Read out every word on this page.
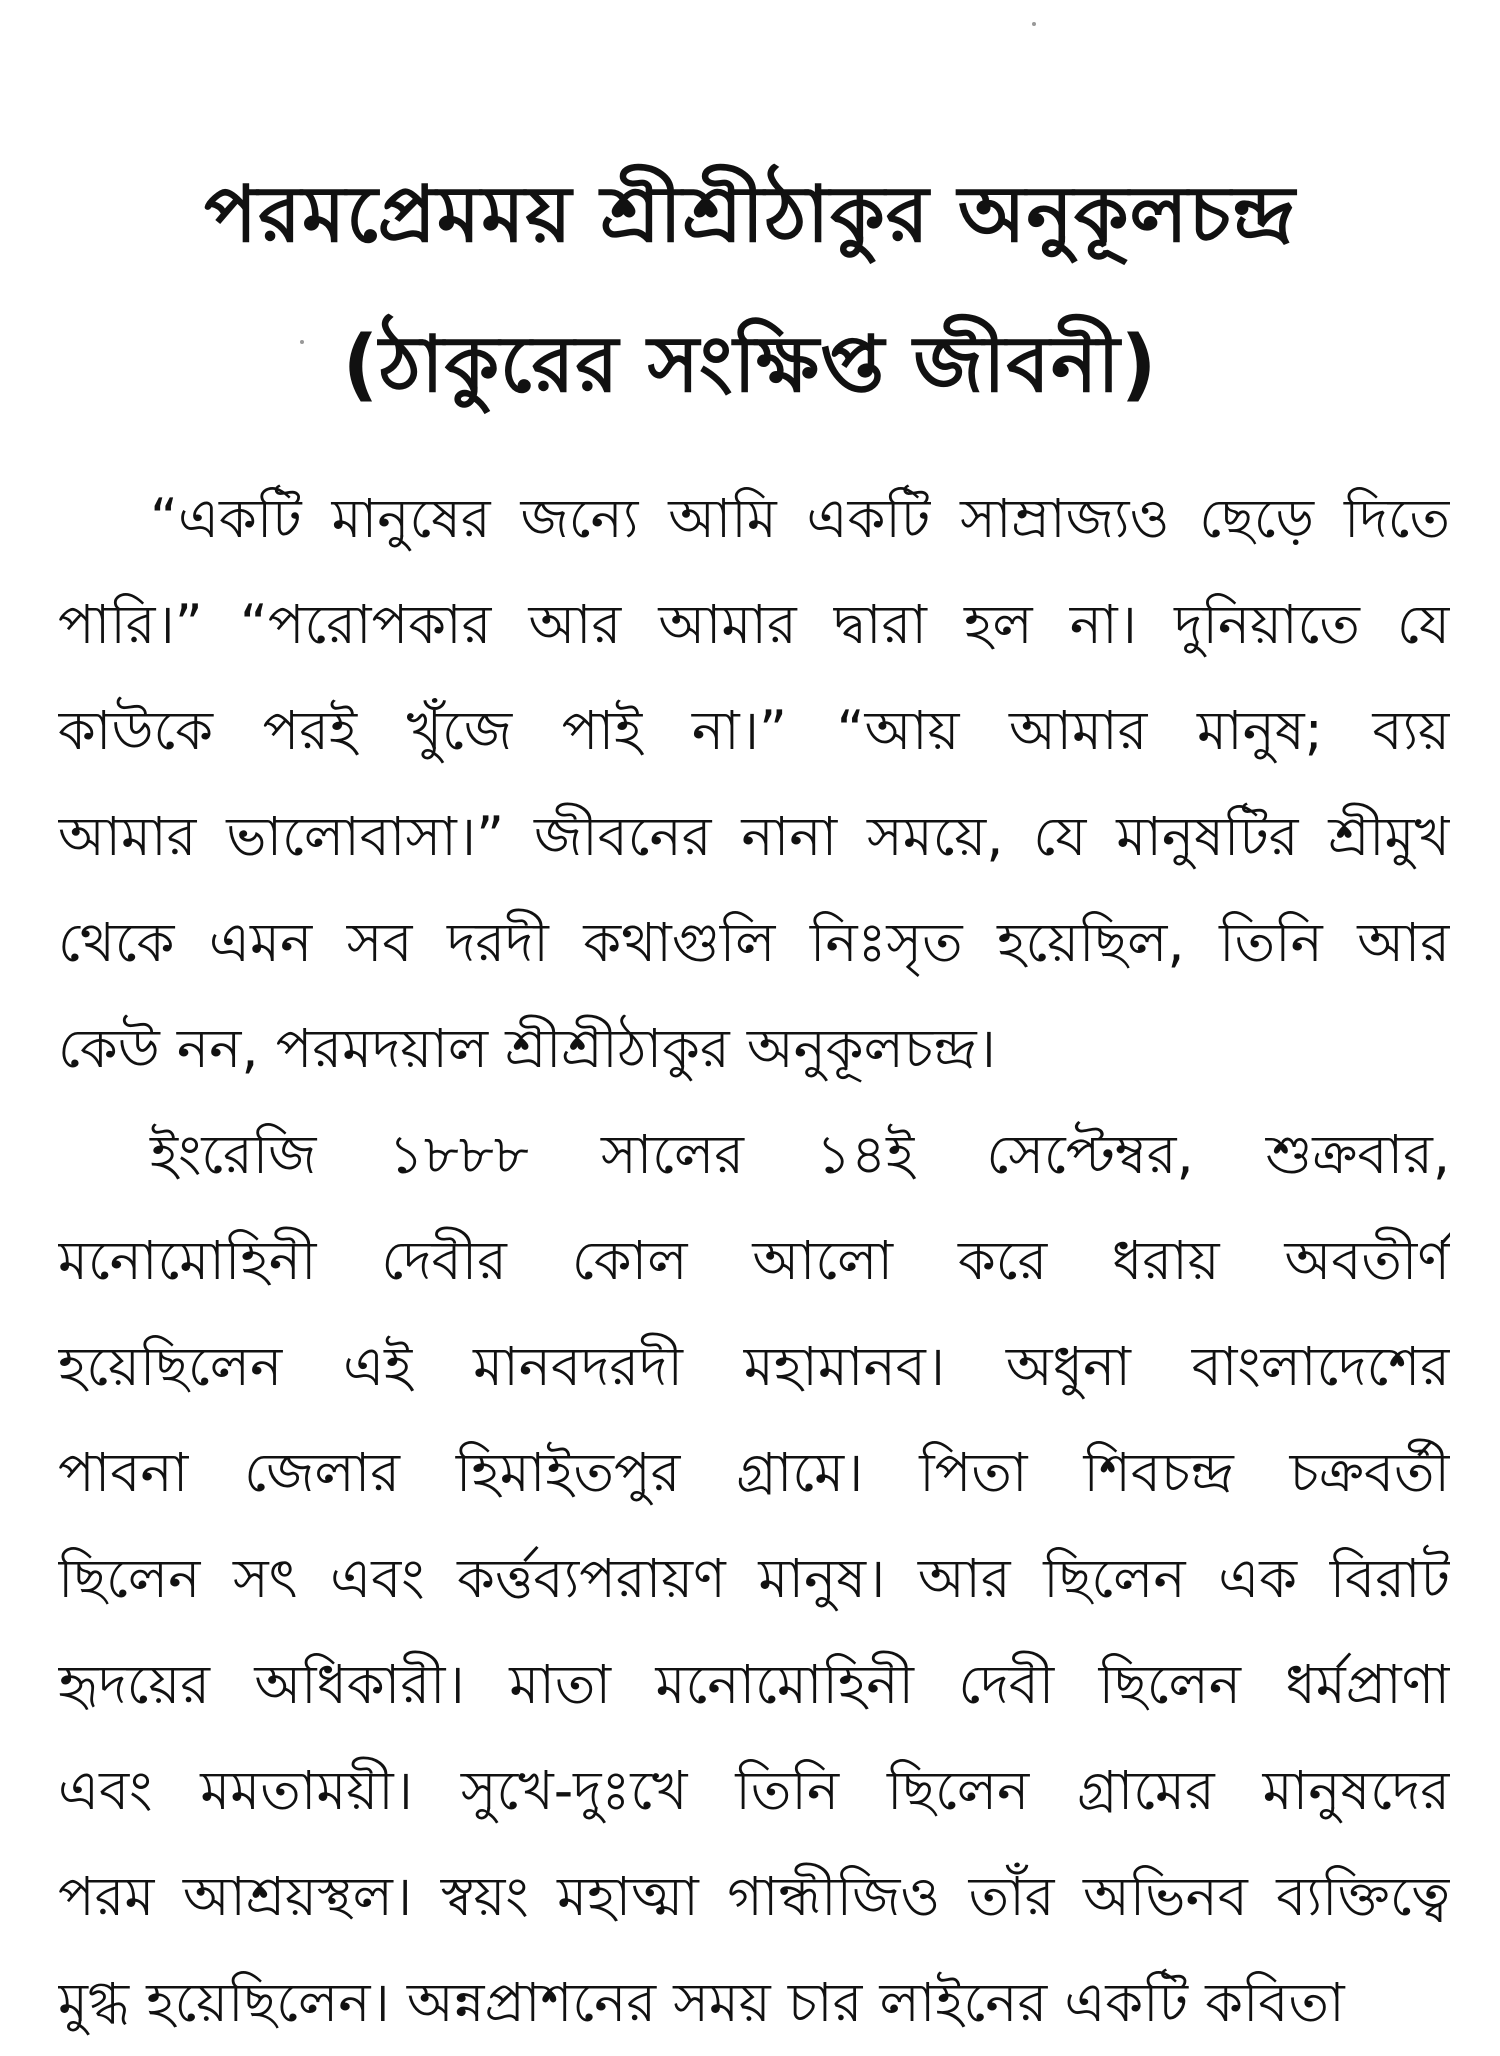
পরমপ্রেমময় শ্রীশ্রীঠাকুর অনুকূলচন্দ্র
(ঠাকুরের সংক্ষিপ্ত জীবনী)
“একটি মানুষের জন্যে আমি একটি সাম্রাজ্যও ছেড়ে দিতে
পারি।” “পরোপকার আর আমার দ্বারা হল না। দুনিয়াতে যে
কাউকে পরই খুঁজে পাই না।” “আয় আমার মানুষ; ব্যয়
আমার ভালোবাসা।” জীবনের নানা সময়ে, যে মানুষটির শ্রীমুখ
থেকে এমন সব দরদী কথাগুলি নিঃসৃত হয়েছিল, তিনি আর
কেউ নন, পরমদয়াল শ্রীশ্রীঠাকুর অনুকূলচন্দ্র।
ইংরেজি ১৮৮৮ সালের ১৪ই সেপ্টেম্বর, শুক্রবার,
মনোমোহিনী দেবীর কোল আলো করে ধরায় অবতীর্ণ
হয়েছিলেন এই মানবদরদী মহামানব। অধুনা বাংলাদেশের
পাবনা জেলার হিমাইতপুর গ্রামে। পিতা শিবচন্দ্র চক্রবর্তী
ছিলেন সৎ এবং কর্ত্তব্যপরায়ণ মানুষ। আর ছিলেন এক বিরাট
হৃদয়ের অধিকারী। মাতা মনোমোহিনী দেবী ছিলেন ধর্মপ্রাণা
এবং মমতাময়ী। সুখে-দুঃখে তিনি ছিলেন গ্রামের মানুষদের
পরম আশ্রয়স্থল। স্বয়ং মহাত্মা গান্ধীজিও তাঁর অভিনব ব্যক্তিত্বে
মুগ্ধ হয়েছিলেন। অন্নপ্রাশনের সময় চার লাইনের একটি কবিতা
